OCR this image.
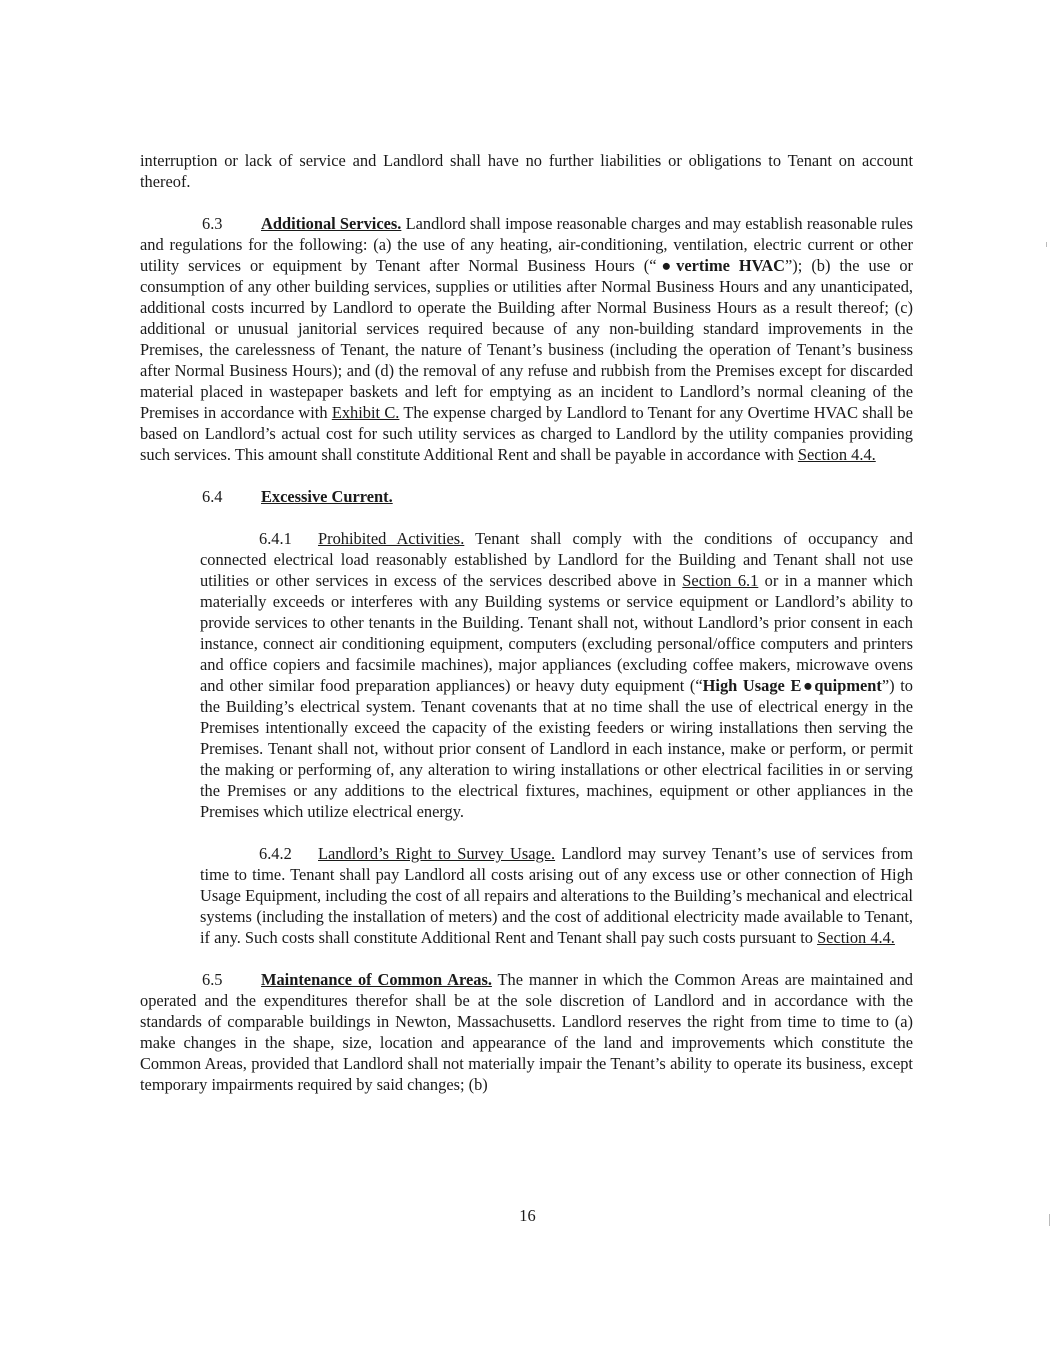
interruption or lack of service and Landlord shall have no further liabilities or obligations to Tenant on account thereof.

6.3 Additional Services. Landlord shall impose reasonable charges and may establish reasonable rules and regulations for the following: (a) the use of any heating, air-conditioning, ventilation, electric current or other utility services or equipment by Tenant after Normal Business Hours (“●vertime HVAC”); (b) the use or consumption of any other building services, supplies or utilities after Normal Business Hours and any unanticipated, additional costs incurred by Landlord to operate the Building after Normal Business Hours as a result thereof; (c) additional or unusual janitorial services required because of any non-building standard improvements in the Premises, the carelessness of Tenant, the nature of Tenant’s business (including the operation of Tenant’s business after Normal Business Hours); and (d) the removal of any refuse and rubbish from the Premises except for discarded material placed in wastepaper baskets and left for emptying as an incident to Landlord’s normal cleaning of the Premises in accordance with Exhibit C. The expense charged by Landlord to Tenant for any Overtime HVAC shall be based on Landlord’s actual cost for such utility services as charged to Landlord by the utility companies providing such services. This amount shall constitute Additional Rent and shall be payable in accordance with Section 4.4.

6.4 Excessive Current.

6.4.1 Prohibited Activities. Tenant shall comply with the conditions of occupancy and connected electrical load reasonably established by Landlord for the Building and Tenant shall not use utilities or other services in excess of the services described above in Section 6.1 or in a manner which materially exceeds or interferes with any Building systems or service equipment or Landlord’s ability to provide services to other tenants in the Building. Tenant shall not, without Landlord’s prior consent in each instance, connect air conditioning equipment, computers (excluding personal/office computers and printers and office copiers and facsimile machines), major appliances (excluding coffee makers, microwave ovens and other similar food preparation appliances) or heavy duty equipment (“High Usage E●quipment”) to the Building’s electrical system. Tenant covenants that at no time shall the use of electrical energy in the Premises intentionally exceed the capacity of the existing feeders or wiring installations then serving the Premises. Tenant shall not, without prior consent of Landlord in each instance, make or perform, or permit the making or performing of, any alteration to wiring installations or other electrical facilities in or serving the Premises or any additions to the electrical fixtures, machines, equipment or other appliances in the Premises which utilize electrical energy.

6.4.2 Landlord’s Right to Survey Usage. Landlord may survey Tenant’s use of services from time to time. Tenant shall pay Landlord all costs arising out of any excess use or other connection of High Usage Equipment, including the cost of all repairs and alterations to the Building’s mechanical and electrical systems (including the installation of meters) and the cost of additional electricity made available to Tenant, if any. Such costs shall constitute Additional Rent and Tenant shall pay such costs pursuant to Section 4.4.

6.5 Maintenance of Common Areas. The manner in which the Common Areas are maintained and operated and the expenditures therefor shall be at the sole discretion of Landlord and in accordance with the standards of comparable buildings in Newton, Massachusetts. Landlord reserves the right from time to time to (a) make changes in the shape, size, location and appearance of the land and improvements which constitute the Common Areas, provided that Landlord shall not materially impair the Tenant’s ability to operate its business, except temporary impairments required by said changes; (b)

16
